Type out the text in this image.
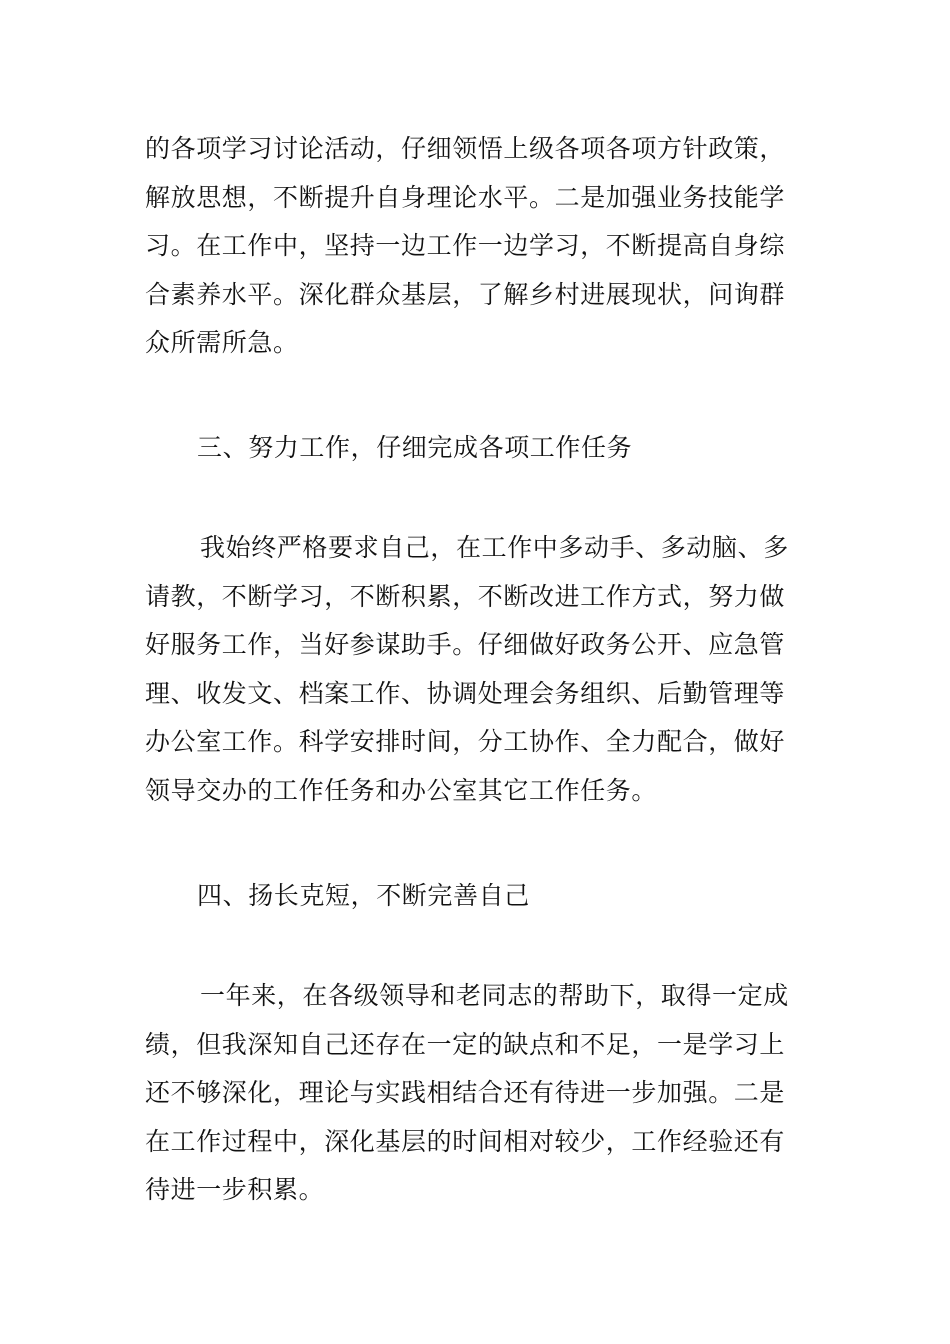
的各项学习讨论活动，仔细领悟上级各项各项方针政策，
解放思想，不断提升自身理论水平。二是加强业务技能学
习。在工作中，坚持一边工作一边学习，不断提高自身综
合素养水平。深化群众基层，了解乡村进展现状，问询群
众所需所急。
三、努力工作，仔细完成各项工作任务
我始终严格要求自己，在工作中多动手、多动脑、多
请教，不断学习，不断积累，不断改进工作方式，努力做
好服务工作，当好参谋助手。仔细做好政务公开、应急管
理、收发文、档案工作、协调处理会务组织、后勤管理等
办公室工作。科学安排时间，分工协作、全力配合，做好
领导交办的工作任务和办公室其它工作任务。
四、扬长克短，不断完善自己
一年来，在各级领导和老同志的帮助下，取得一定成
绩，但我深知自己还存在一定的缺点和不足，一是学习上
还不够深化，理论与实践相结合还有待进一步加强。二是
在工作过程中，深化基层的时间相对较少，工作经验还有
待进一步积累。
